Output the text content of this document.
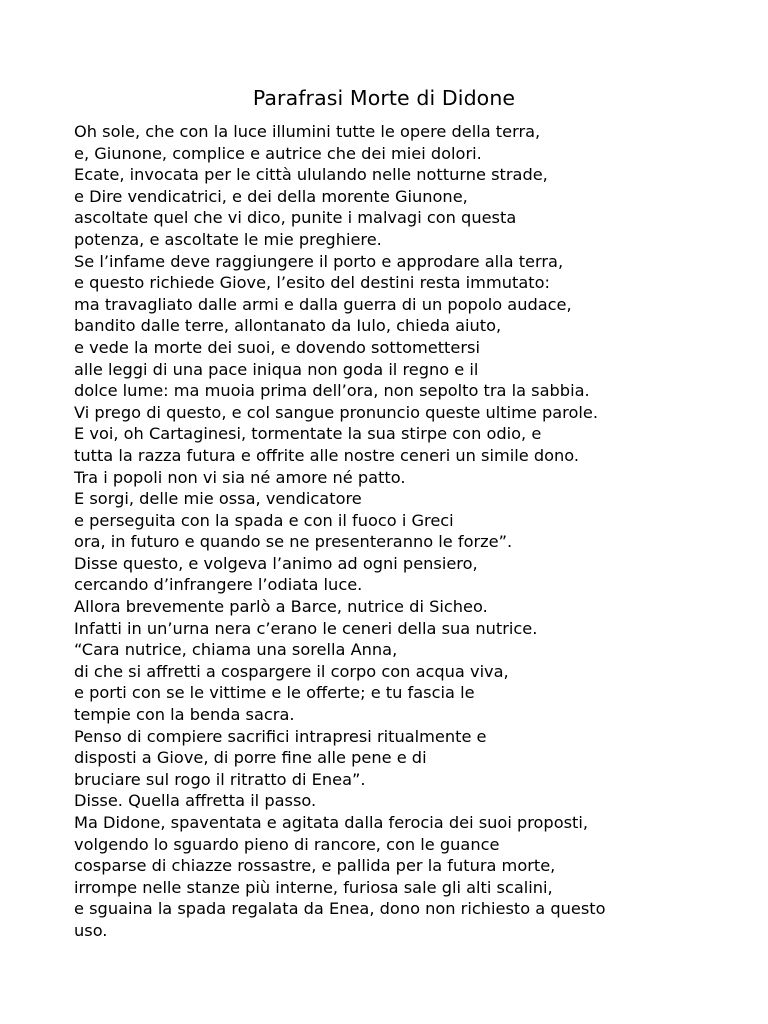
Parafrasi Morte di Didone
Oh sole, che con la luce illumini tutte le opere della terra,
e, Giunone, complice e autrice che dei miei dolori.
Ecate, invocata per le città ululando nelle notturne strade,
e Dire vendicatrici, e dei della morente Giunone,
ascoltate quel che vi dico, punite i malvagi con questa
potenza, e ascoltate le mie preghiere.
Se l’infame deve raggiungere il porto e approdare alla terra,
e questo richiede Giove, l’esito del destini resta immutato:
ma travagliato dalle armi e dalla guerra di un popolo audace,
bandito dalle terre, allontanato da Iulo, chieda aiuto,
e vede la morte dei suoi, e dovendo sottomettersi
alle leggi di una pace iniqua non goda il regno e il
dolce lume: ma muoia prima dell’ora, non sepolto tra la sabbia.
Vi prego di questo, e col sangue pronuncio queste ultime parole.
E voi, oh Cartaginesi, tormentate la sua stirpe con odio, e
tutta la razza futura e offrite alle nostre ceneri un simile dono.
Tra i popoli non vi sia né amore né patto.
E sorgi, delle mie ossa, vendicatore
e perseguita con la spada e con il fuoco i Greci
ora, in futuro e quando se ne presenteranno le forze”.
Disse questo, e volgeva l’animo ad ogni pensiero,
cercando d’infrangere l’odiata luce.
Allora brevemente parlò a Barce, nutrice di Sicheo.
Infatti in un’urna nera c’erano le ceneri della sua nutrice.
“Cara nutrice, chiama una sorella Anna,
di che si affretti a cospargere il corpo con acqua viva,
e porti con se le vittime e le offerte; e tu fascia le
tempie con la benda sacra.
Penso di compiere sacrifici intrapresi ritualmente e
disposti a Giove, di porre fine alle pene e di
bruciare sul rogo il ritratto di Enea”.
Disse. Quella affretta il passo.
Ma Didone, spaventata e agitata dalla ferocia dei suoi proposti,
volgendo lo sguardo pieno di rancore, con le guance
cosparse di chiazze rossastre, e pallida per la futura morte,
irrompe nelle stanze più interne, furiosa sale gli alti scalini,
e sguaina la spada regalata da Enea, dono non richiesto a questo
uso.
